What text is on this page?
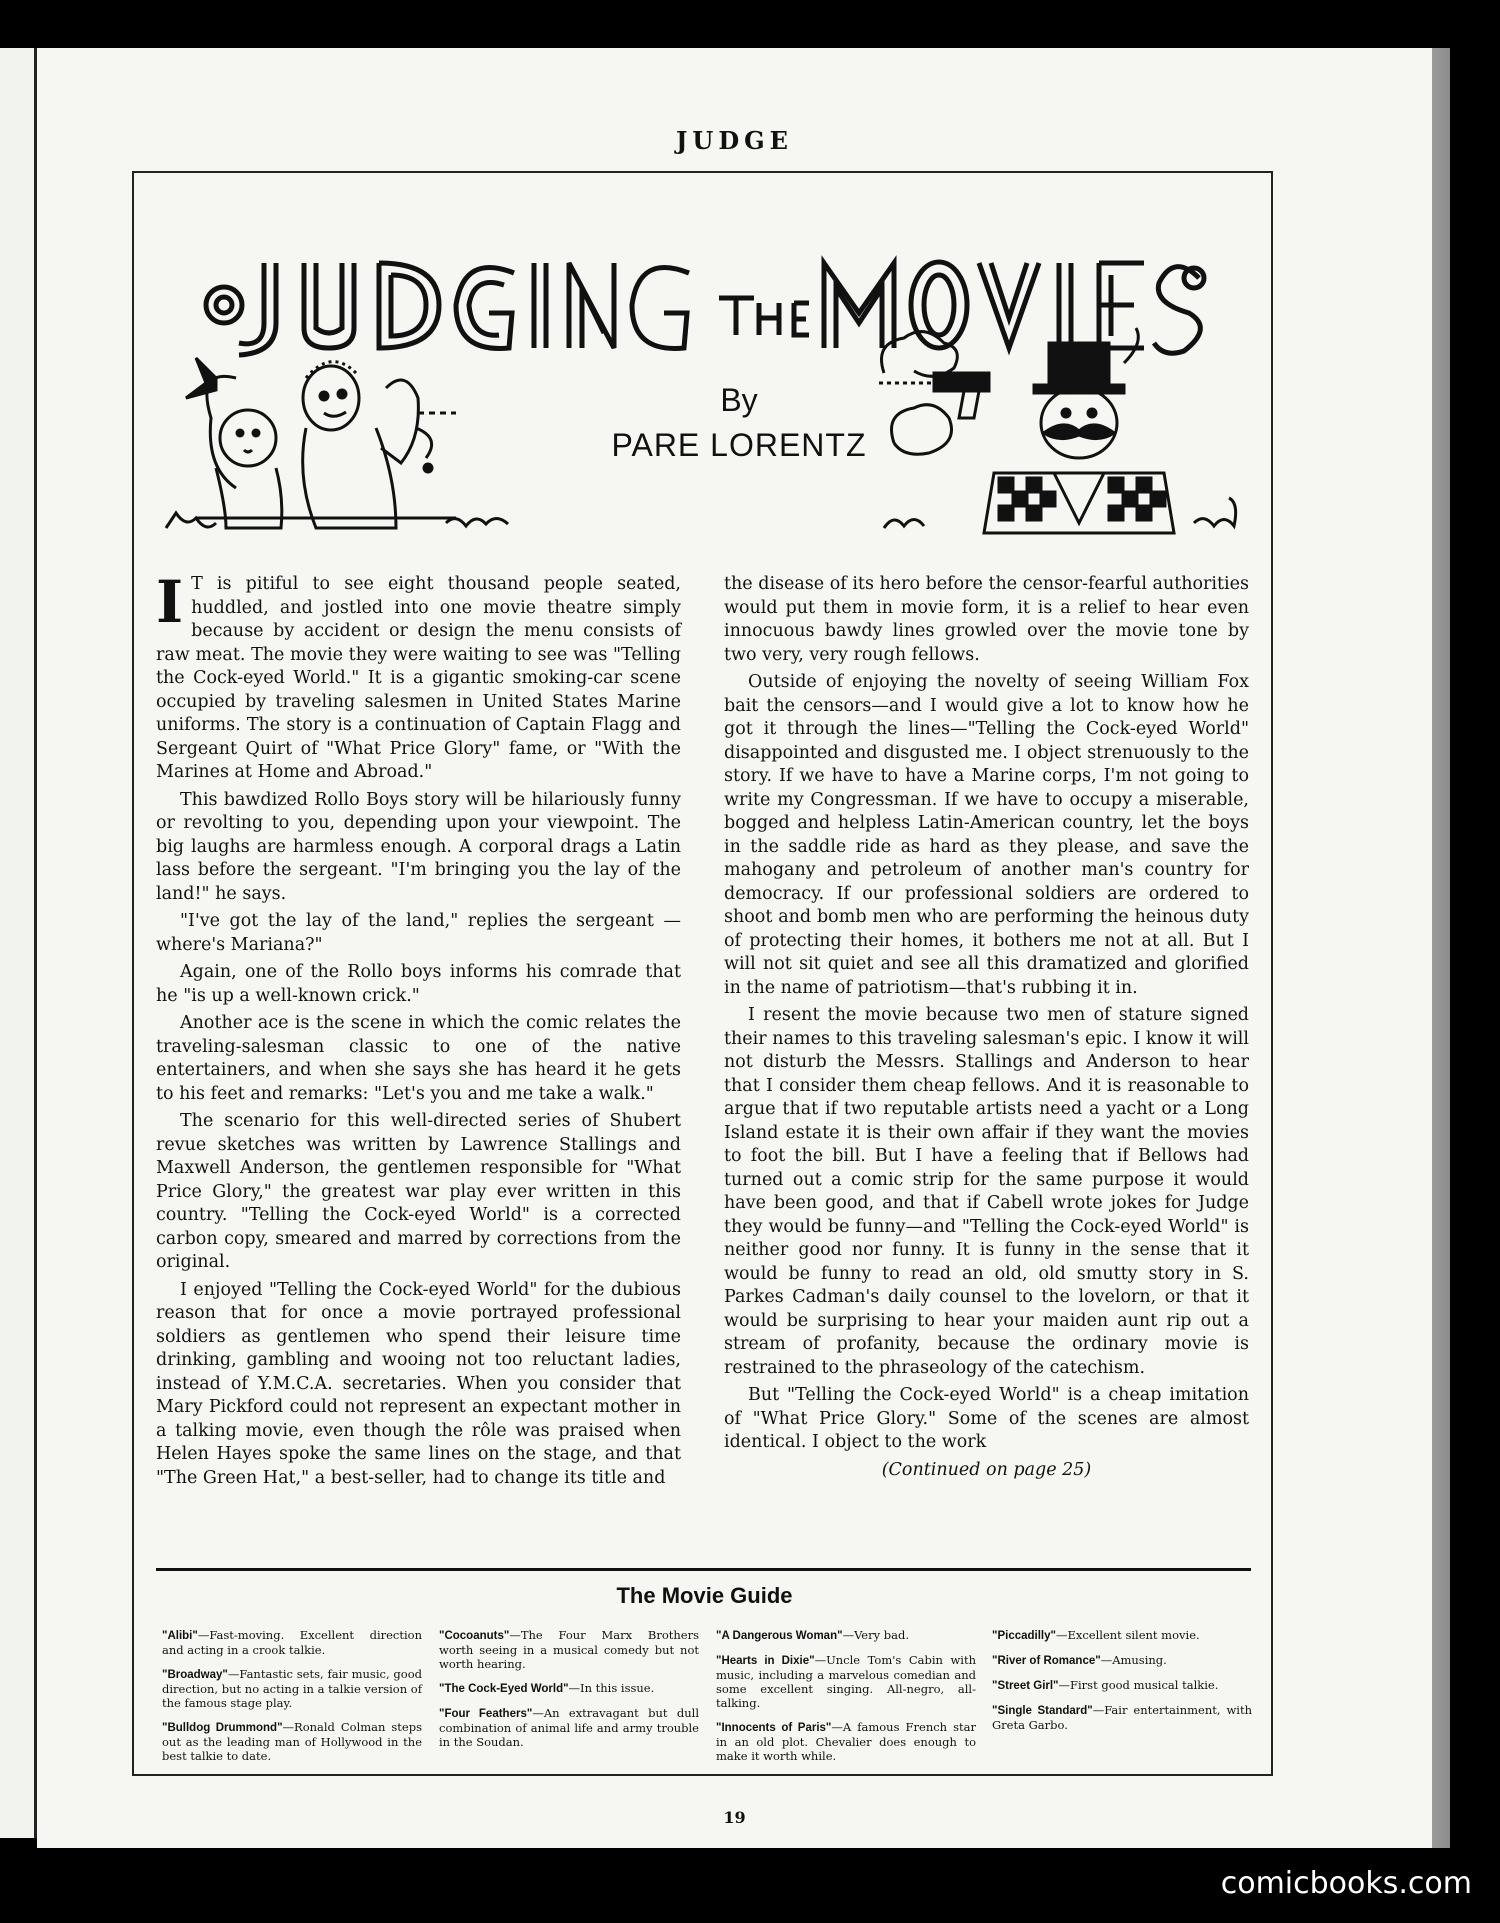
JUDGE
By
PARE LORENTZ

I T is pitiful to see eight thousand people seated, huddled, and jostled into one movie theatre simply because by accident or design the menu consists of raw meat. The movie they were waiting to see was "Telling the Cock-eyed World." It is a gigantic smoking-car scene occupied by traveling salesmen in United States Marine uniforms. The story is a continuation of Captain Flagg and Sergeant Quirt of "What Price Glory" fame, or "With the Marines at Home and Abroad."

This bawdized Rollo Boys story will be hilariously funny or revolting to you, depending upon your viewpoint. The big laughs are harmless enough. A corporal drags a Latin lass before the sergeant. "I'm bringing you the lay of the land!" he says.

"I've got the lay of the land," replies the sergeant —where's Mariana?"

Again, one of the Rollo boys informs his comrade that he "is up a well-known crick."

Another ace is the scene in which the comic relates the traveling-salesman classic to one of the native entertainers, and when she says she has heard it he gets to his feet and remarks: "Let's you and me take a walk."

The scenario for this well-directed series of Shubert revue sketches was written by Lawrence Stallings and Maxwell Anderson, the gentlemen responsible for "What Price Glory," the greatest war play ever written in this country. "Telling the Cock-eyed World" is a corrected carbon copy, smeared and marred by corrections from the original.

I enjoyed "Telling the Cock-eyed World" for the dubious reason that for once a movie portrayed professional soldiers as gentlemen who spend their leisure time drinking, gambling and wooing not too reluctant ladies, instead of Y.M.C.A. secretaries. When you consider that Mary Pickford could not represent an expectant mother in a talking movie, even though the rôle was praised when Helen Hayes spoke the same lines on the stage, and that "The Green Hat," a best-seller, had to change its title and

the disease of its hero before the censor-fearful authorities would put them in movie form, it is a relief to hear even innocuous bawdy lines growled over the movie tone by two very, very rough fellows.

Outside of enjoying the novelty of seeing William Fox bait the censors—and I would give a lot to know how he got it through the lines—"Telling the Cock-eyed World" disappointed and disgusted me. I object strenuously to the story. If we have to have a Marine corps, I'm not going to write my Congressman. If we have to occupy a miserable, bogged and helpless Latin-American country, let the boys in the saddle ride as hard as they please, and save the mahogany and petroleum of another man's country for democracy. If our professional soldiers are ordered to shoot and bomb men who are performing the heinous duty of protecting their homes, it bothers me not at all. But I will not sit quiet and see all this dramatized and glorified in the name of patriotism—that's rubbing it in.

I resent the movie because two men of stature signed their names to this traveling salesman's epic. I know it will not disturb the Messrs. Stallings and Anderson to hear that I consider them cheap fellows. And it is reasonable to argue that if two reputable artists need a yacht or a Long Island estate it is their own affair if they want the movies to foot the bill. But I have a feeling that if Bellows had turned out a comic strip for the same purpose it would have been good, and that if Cabell wrote jokes for Judge they would be funny—and "Telling the Cock-eyed World" is neither good nor funny. It is funny in the sense that it would be funny to read an old, old smutty story in S. Parkes Cadman's daily counsel to the lovelorn, or that it would be surprising to hear your maiden aunt rip out a stream of profanity, because the ordinary movie is restrained to the phraseology of the catechism.

But "Telling the Cock-eyed World" is a cheap imitation of "What Price Glory." Some of the scenes are almost identical. I object to the work

(Continued on page 25)
The Movie Guide
"Alibi"—Fast-moving. Excellent direction and acting in a crook talkie.
"Broadway"—Fantastic sets, fair music, good direction, but no acting in a talkie version of the famous stage play.
"Bulldog Drummond"—Ronald Colman steps out as the leading man of Hollywood in the best talkie to date.
"Cocoanuts"—The Four Marx Brothers worth seeing in a musical comedy but not worth hearing.
"The Cock-Eyed World"—In this issue.
"Four Feathers"—An extravagant but dull combination of animal life and army trouble in the Soudan.
"A Dangerous Woman"—Very bad.
"Hearts in Dixie"—Uncle Tom's Cabin with music, including a marvelous comedian and some excellent singing. All-negro, all-talking.
"Innocents of Paris"—A famous French star in an old plot. Chevalier does enough to make it worth while.
"Piccadilly"—Excellent silent movie.
"River of Romance"—Amusing.
"Street Girl"—First good musical talkie.
"Single Standard"—Fair entertainment, with Greta Garbo.
19
comicbooks.com
